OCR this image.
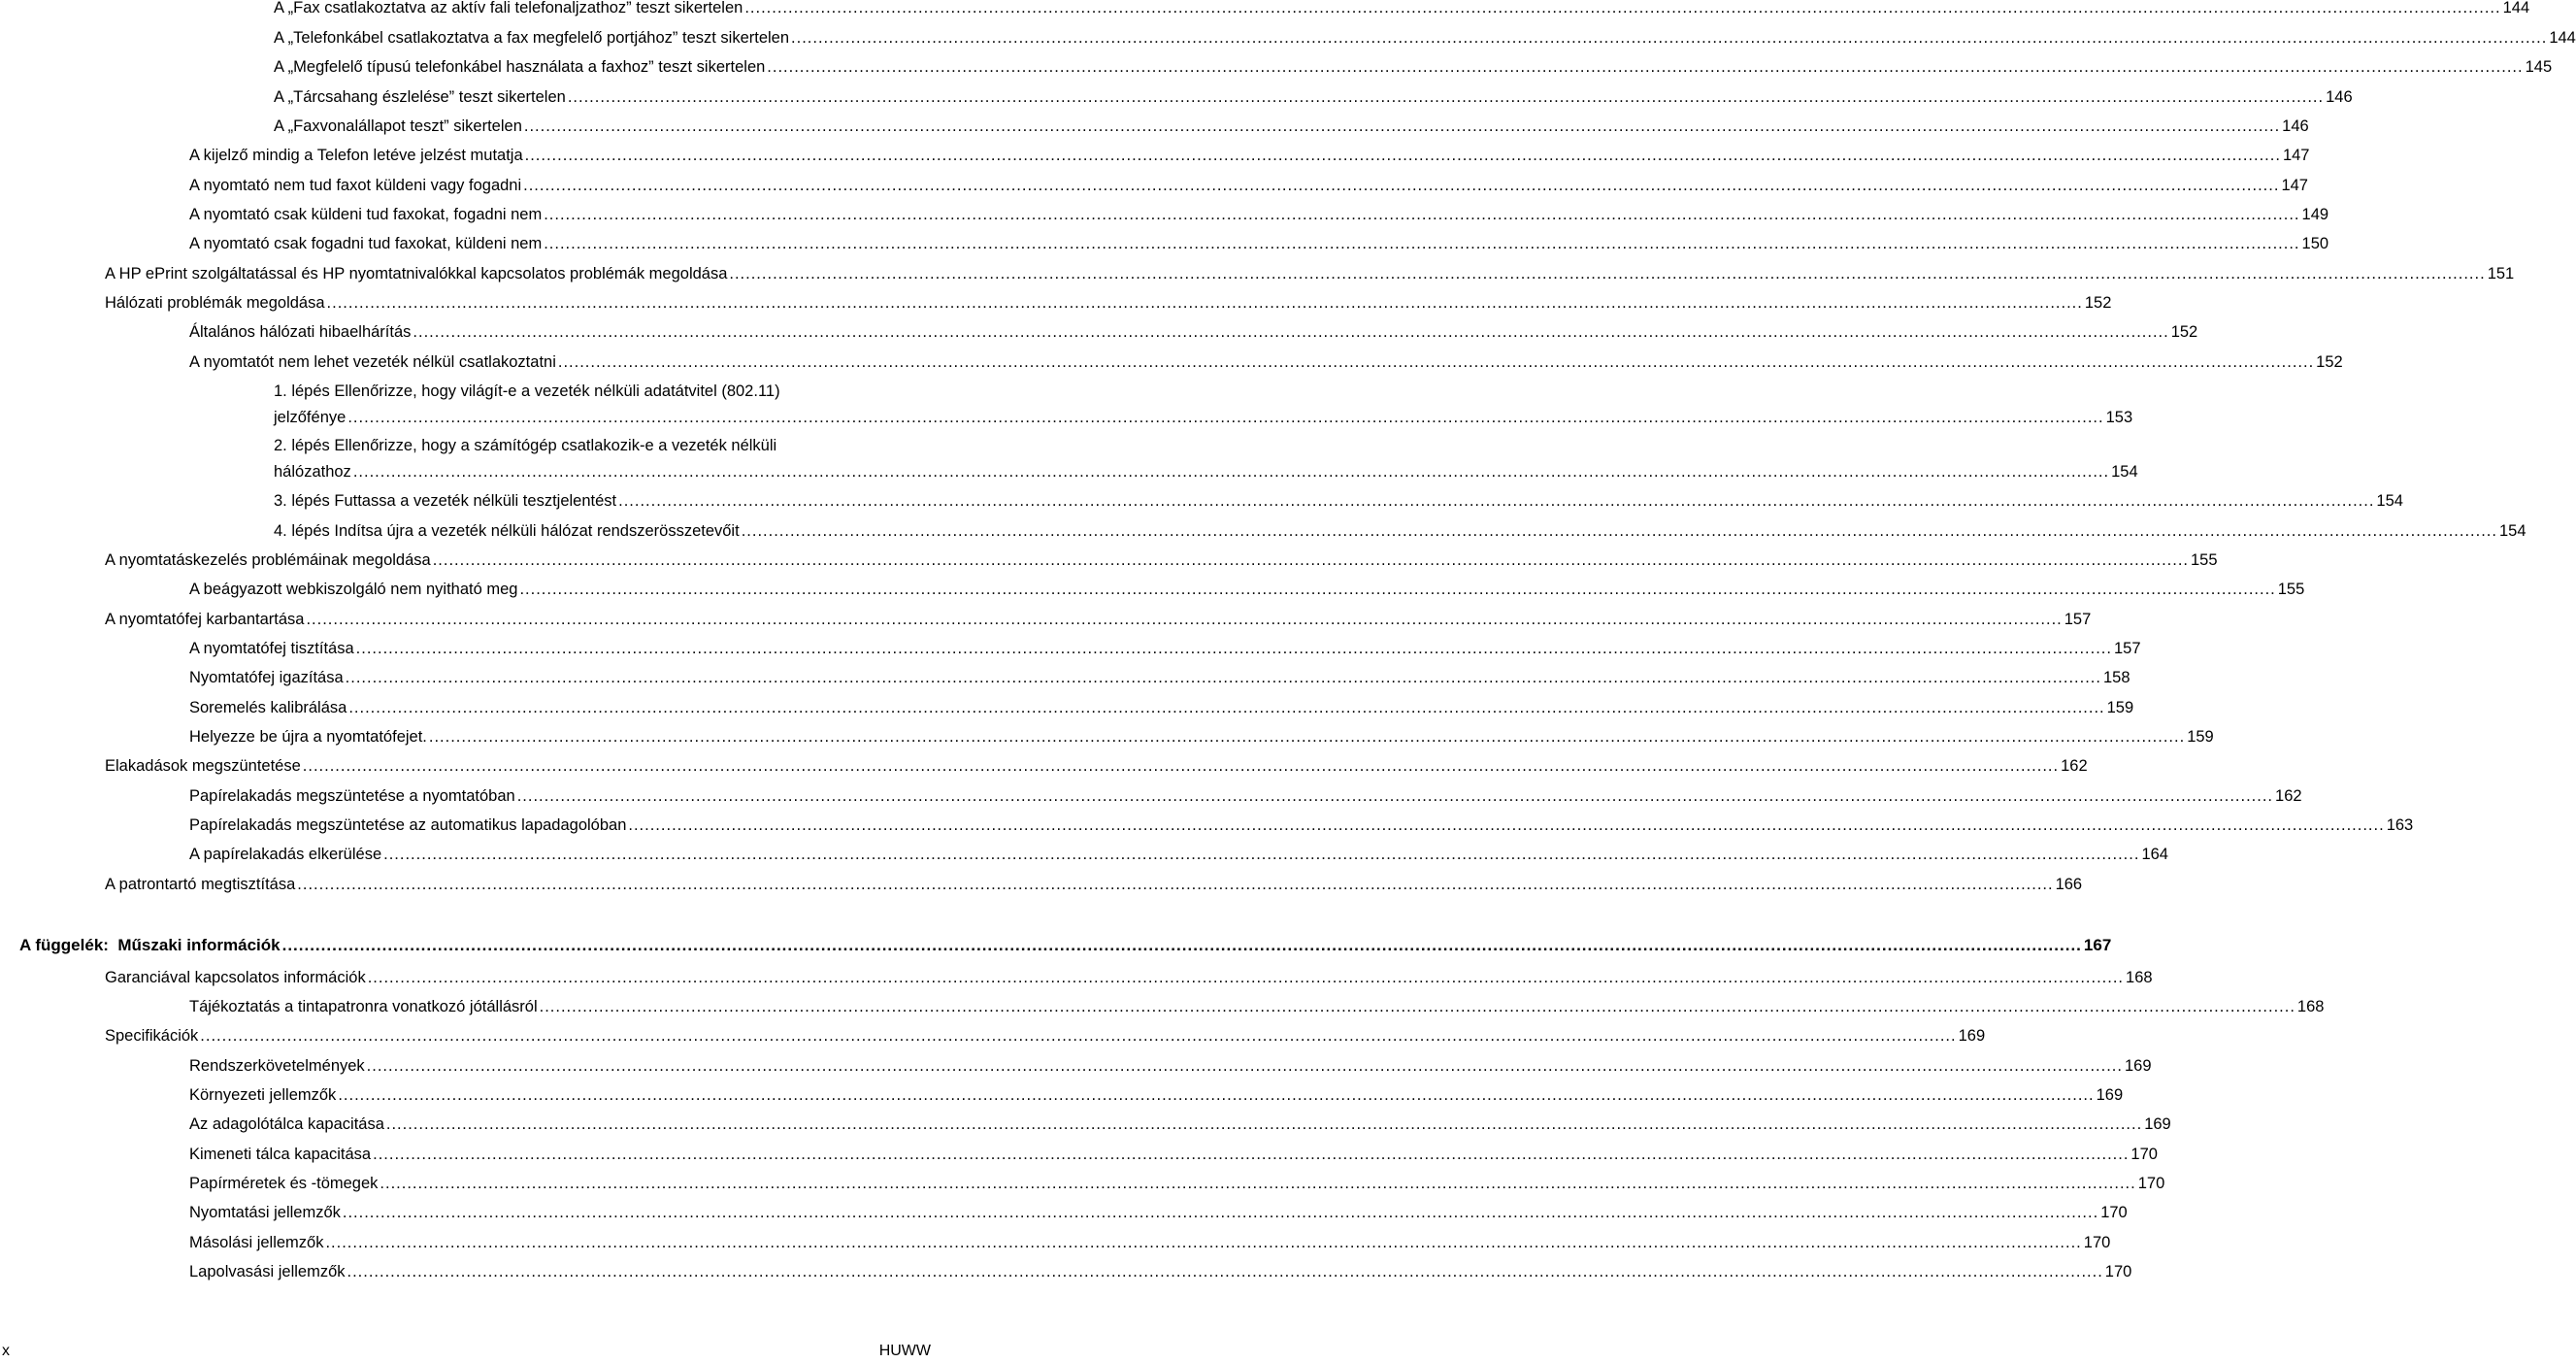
A „Fax csatlakoztatva az aktív fali telefonaljzathoz” teszt sikertelen .....	144
A „Telefonkábel csatlakoztatva a fax megfelelő portjához” teszt sikertelen .....	144
A „Megfelelő típusú telefonkábel használata a faxhoz” teszt sikertelen .....	145
A „Tárcsahang észlelése” teszt sikertelen .....	146
A „Faxvonalállapot teszt” sikertelen .....	146
A kijelző mindig a Telefon letéve jelzést mutatja .....	147
A nyomtató nem tud faxot küldeni vagy fogadni .....	147
A nyomtató csak küldeni tud faxokat, fogadni nem .....	149
A nyomtató csak fogadni tud faxokat, küldeni nem .....	150
A HP ePrint szolgáltatással és HP nyomtatnivalókkal kapcsolatos problémák megoldása .....	151
Hálózati problémák megoldása .....	152
Általános hálózati hibaelhárítás .....	152
A nyomtatót nem lehet vezeték nélkül csatlakoztatni .....	152
1. lépés Ellenőrizze, hogy világít-e a vezeték nélküli adatátvitel (802.11)
jelzőfénye .....	153
2. lépés Ellenőrizze, hogy a számítógép csatlakozik-e a vezeték nélküli
hálózathoz .....	154
3. lépés Futtassa a vezeték nélküli tesztjelentést .....	154
4. lépés Indítsa újra a vezeték nélküli hálózat rendszerösszetevőit .....	154
A nyomtatáskezelés problémáinak megoldása .....	155
A beágyazott webkiszolgáló nem nyitható meg .....	155
A nyomtatófej karbantartása .....	157
A nyomtatófej tisztítása .....	157
Nyomtatófej igazítása .....	158
Soremelés kalibrálása .....	159
Helyezze be újra a nyomtatófejet. .....	159
Elakadások megszüntetése .....	162
Papírelakadás megszüntetése a nyomtatóban .....	162
Papírelakadás megszüntetése az automatikus lapadagolóban .....	163
A papírelakadás elkerülése .....	164
A patrontartó megtisztítása .....	166
A függelék:  Műszaki információk .....	167
Garanciával kapcsolatos információk .....	168
Tájékoztatás a tintapatronra vonatkozó jótállásról .....	168
Specifikációk .....	169
Rendszerkövetelmények .....	169
Környezeti jellemzők .....	169
Az adagolótálca kapacitása .....	169
Kimeneti tálca kapacitása .....	170
Papírméretek és -tömegek .....	170
Nyomtatási jellemzők .....	170
Másolási jellemzők .....	170
Lapolvasási jellemzők .....	170
x	HUWW
